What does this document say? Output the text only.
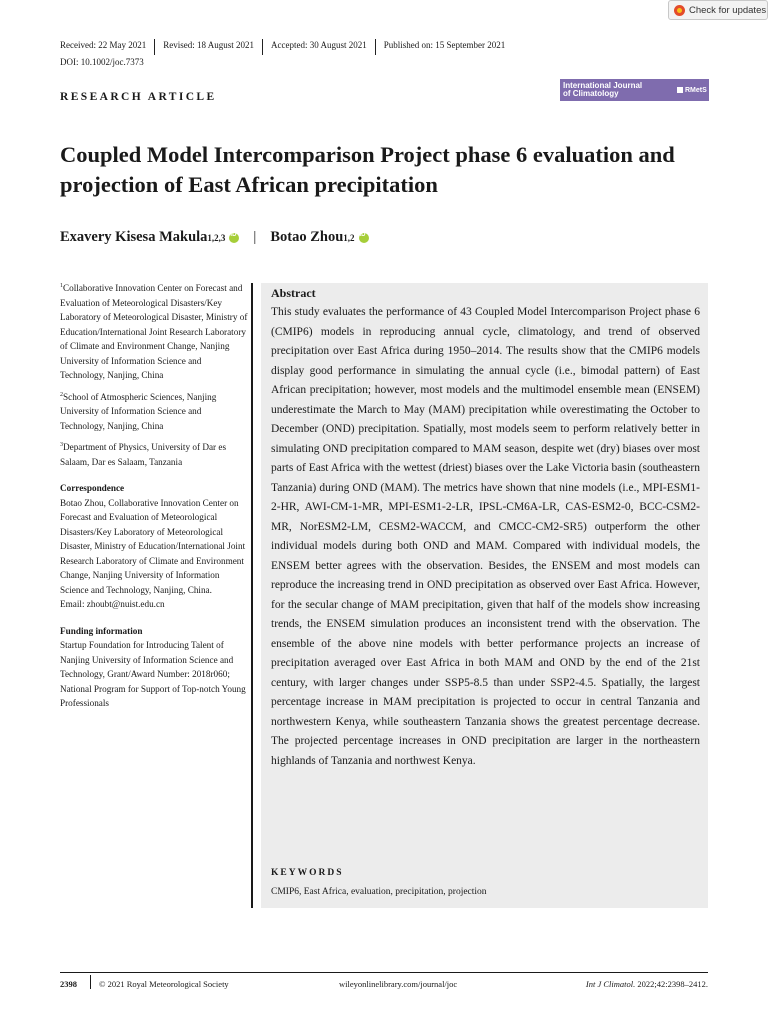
Check for updates
Received: 22 May 2021	Revised: 18 August 2021	Accepted: 30 August 2021	Published on: 15 September 2021
DOI: 10.1002/joc.7373
RESEARCH ARTICLE
International Journal
of Climatology	RMetS
Coupled Model Intercomparison Project phase 6 evaluation and projection of East African precipitation
Exavery Kisesa Makula 1,2,3
iD | Botao Zhou 1,2
iD

$^1$Collaborative Innovation Center on Forecast and Evaluation of Meteorological Disasters/Key Laboratory of Meteorological Disaster, Ministry of Education/International Joint Research Laboratory of Climate and Environment Change, Nanjing University of Information Science and Technology, Nanjing, China

$^2$School of Atmospheric Sciences, Nanjing University of Information Science and Technology, Nanjing, China

$^3$Department of Physics, University of Dar es Salaam, Dar es Salaam, Tanzania

Correspondence

Botao Zhou, Collaborative Innovation Center on Forecast and Evaluation of Meteorological Disasters/Key Laboratory of Meteorological Disaster, Ministry of Education/International Joint Research Laboratory of Climate and Environment Change, Nanjing University of Information Science and Technology, Nanjing, China.

Email: zhoubt@nuist.edu.cn

Funding information

Startup Foundation for Introducing Talent of Nanjing University of Information Science and Technology, Grant/Award Number: 2018r060; National Program for Support of Top-notch Young Professionals

Abstract

This study evaluates the performance of 43 Coupled Model Intercomparison Project phase 6 (CMIP6) models in reproducing annual cycle, climatology, and trend of observed precipitation over East Africa during 1950–2014. The results show that the CMIP6 models display good performance in simulating the annual cycle (i.e., bimodal pattern) of East African precipitation; however, most models and the multimodel ensemble mean (ENSEM) underestimate the March to May (MAM) precipitation while overestimating the October to December (OND) precipitation. Spatially, most models seem to perform relatively better in simulating OND precipitation compared to MAM season, despite wet (dry) biases over most parts of East Africa with the wettest (driest) biases over the Lake Victoria basin (southeastern Tanzania) during OND (MAM). The metrics have shown that nine models (i.e., MPI-ESM1-2-HR, AWI-CM-1-MR, MPI-ESM1-2-LR, IPSL-CM6A-LR, CAS-ESM2-0, BCC-CSM2-MR, NorESM2-LM, CESM2-WACCM, and CMCC-CM2-SR5) outperform the other individual models during both OND and MAM. Compared with individual models, the ENSEM better agrees with the observation. Besides, the ENSEM and most models can reproduce the increasing trend in OND precipitation as observed over East Africa. However, for the secular change of MAM precipitation, given that half of the models show increasing trends, the ENSEM simulation produces an inconsistent trend with the observation. The ensemble of the above nine models with better performance projects an increase of precipitation averaged over East Africa in both MAM and OND by the end of the 21st century, with larger changes under SSP5-8.5 than under SSP2-4.5. Spatially, the largest percentage increase in MAM precipitation is projected to occur in central Tanzania and northwestern Kenya, while southeastern Tanzania shows the greatest percentage decrease. The projected percentage increases in OND precipitation are larger in the northeastern highlands of Tanzania and northwest Kenya.

KEYWORDS
CMIP6, East Africa, evaluation, precipitation, projection
2398	© 2021 Royal Meteorological Society	wileyonlinelibrary.com/journal/joc	Int J Climatol. 2022;42:2398–2412.
